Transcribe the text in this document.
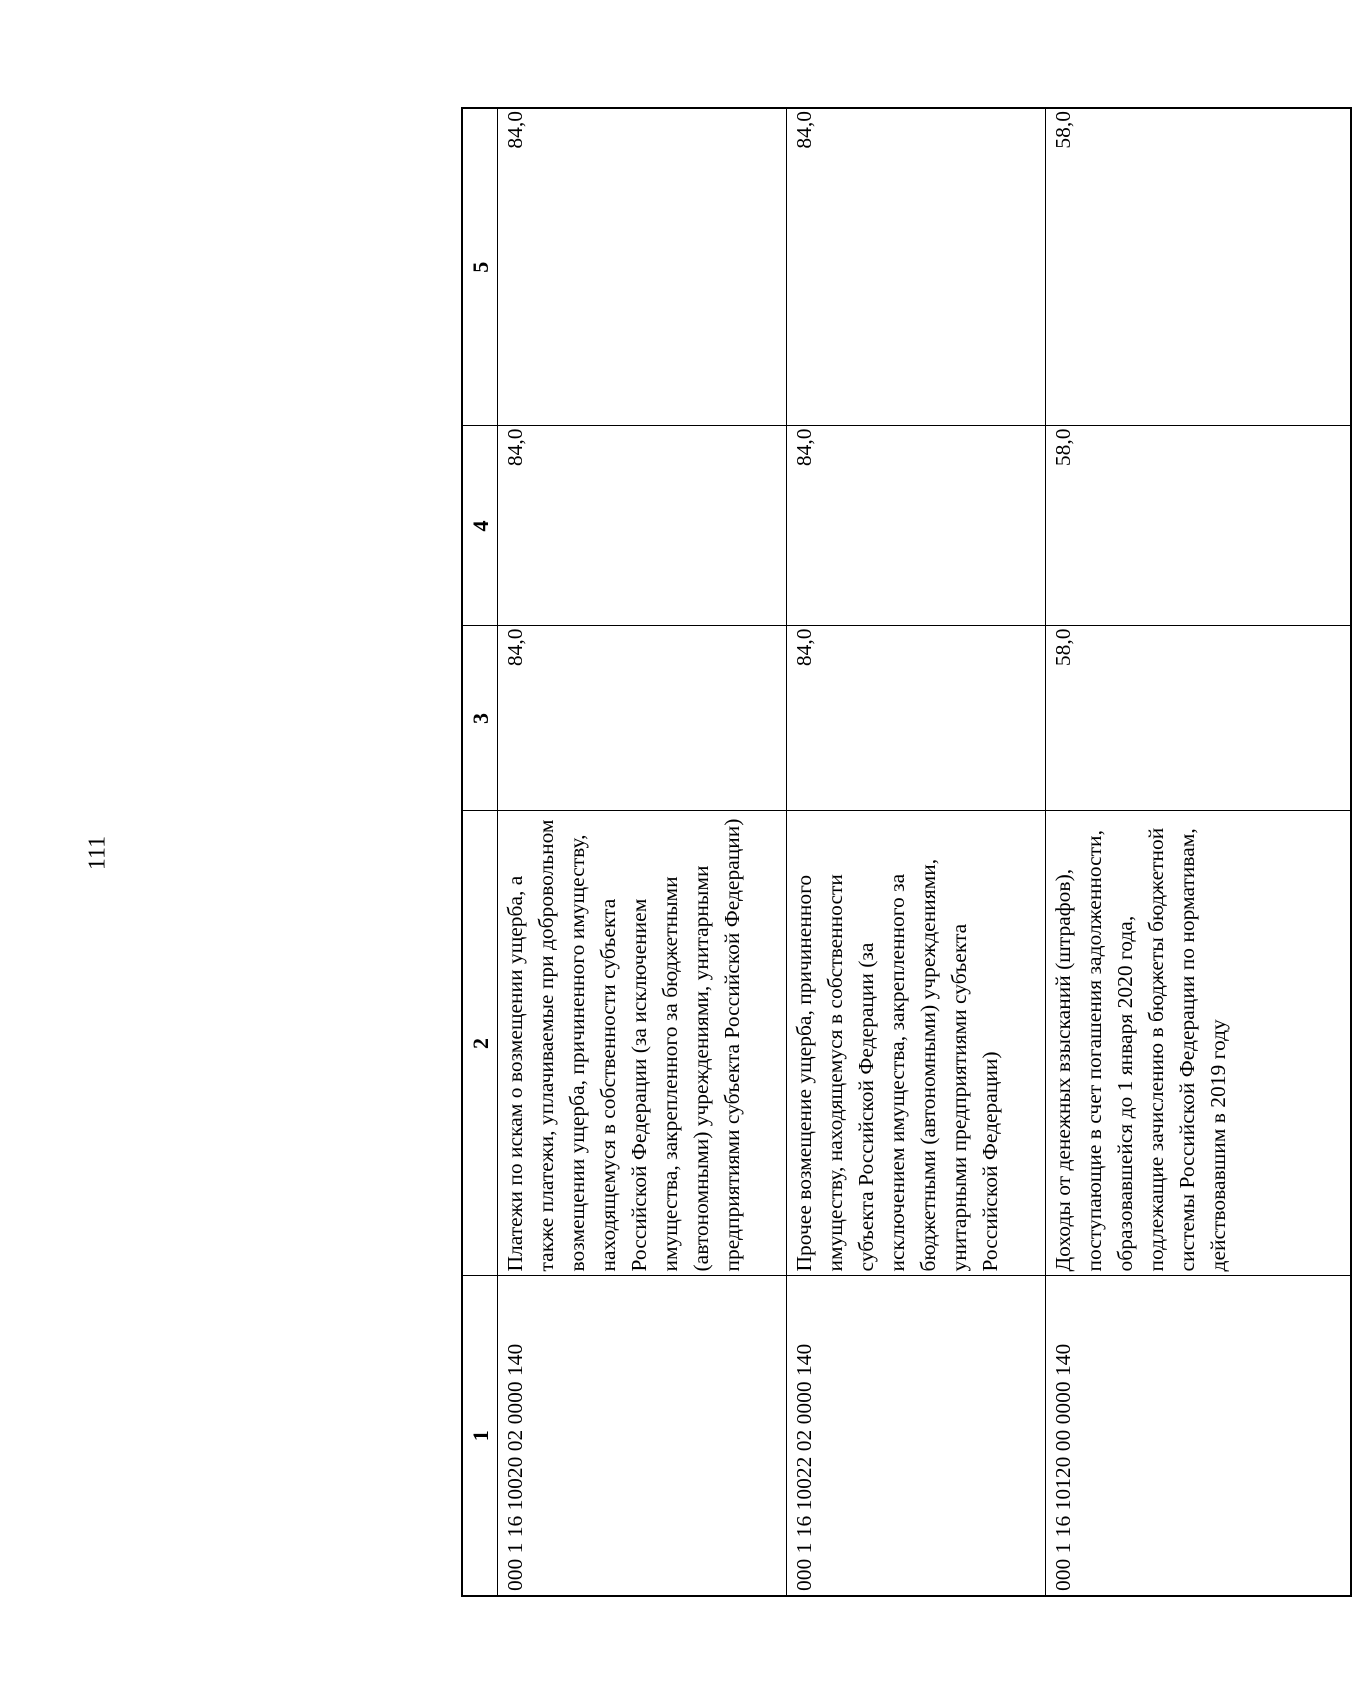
111
1	2	3	4	5
000 1 16 10020 02 0000 140	Платежи по искам о возмещении ущерба, а также платежи, уплачиваемые при добровольном возмещении ущерба, причиненного имуществу, находящемуся в собственности субъекта Российской Федерации (за исключением имущества, закрепленного за бюджетными (автономными) учреждениями, унитарными предприятиями субъекта Российской Федерации)	84,0	84,0	84,0
000 1 16 10022 02 0000 140	Прочее возмещение ущерба, причиненного имуществу, находящемуся в собственности субъекта Российской Федерации (за исключением имущества, закрепленного за бюджетными (автономными) учреждениями, унитарными предприятиями субъекта Российской Федерации)	84,0	84,0	84,0
000 1 16 10120 00 0000 140	Доходы от денежных взысканий (штрафов), поступающие в счет погашения задолженности, образовавшейся до 1 января 2020 года, подлежащие зачислению в бюджеты бюджетной системы Российской Федерации по нормативам, действовавшим в 2019 году	58,0	58,0	58,0
